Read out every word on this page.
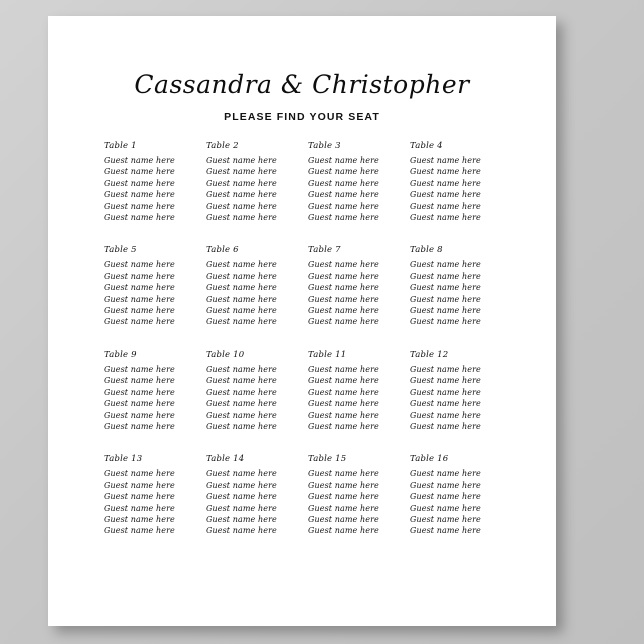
Cassandra & Christopher
PLEASE FIND YOUR SEAT
Table 1
Guest name here
Guest name here
Guest name here
Guest name here
Guest name here
Guest name here
Table 2
Guest name here
Guest name here
Guest name here
Guest name here
Guest name here
Guest name here
Table 3
Guest name here
Guest name here
Guest name here
Guest name here
Guest name here
Guest name here
Table 4
Guest name here
Guest name here
Guest name here
Guest name here
Guest name here
Guest name here
Table 5
Guest name here
Guest name here
Guest name here
Guest name here
Guest name here
Guest name here
Table 6
Guest name here
Guest name here
Guest name here
Guest name here
Guest name here
Guest name here
Table 7
Guest name here
Guest name here
Guest name here
Guest name here
Guest name here
Guest name here
Table 8
Guest name here
Guest name here
Guest name here
Guest name here
Guest name here
Guest name here
Table 9
Guest name here
Guest name here
Guest name here
Guest name here
Guest name here
Guest name here
Table 10
Guest name here
Guest name here
Guest name here
Guest name here
Guest name here
Guest name here
Table 11
Guest name here
Guest name here
Guest name here
Guest name here
Guest name here
Guest name here
Table 12
Guest name here
Guest name here
Guest name here
Guest name here
Guest name here
Guest name here
Table 13
Guest name here
Guest name here
Guest name here
Guest name here
Guest name here
Guest name here
Table 14
Guest name here
Guest name here
Guest name here
Guest name here
Guest name here
Guest name here
Table 15
Guest name here
Guest name here
Guest name here
Guest name here
Guest name here
Guest name here
Table 16
Guest name here
Guest name here
Guest name here
Guest name here
Guest name here
Guest name here
